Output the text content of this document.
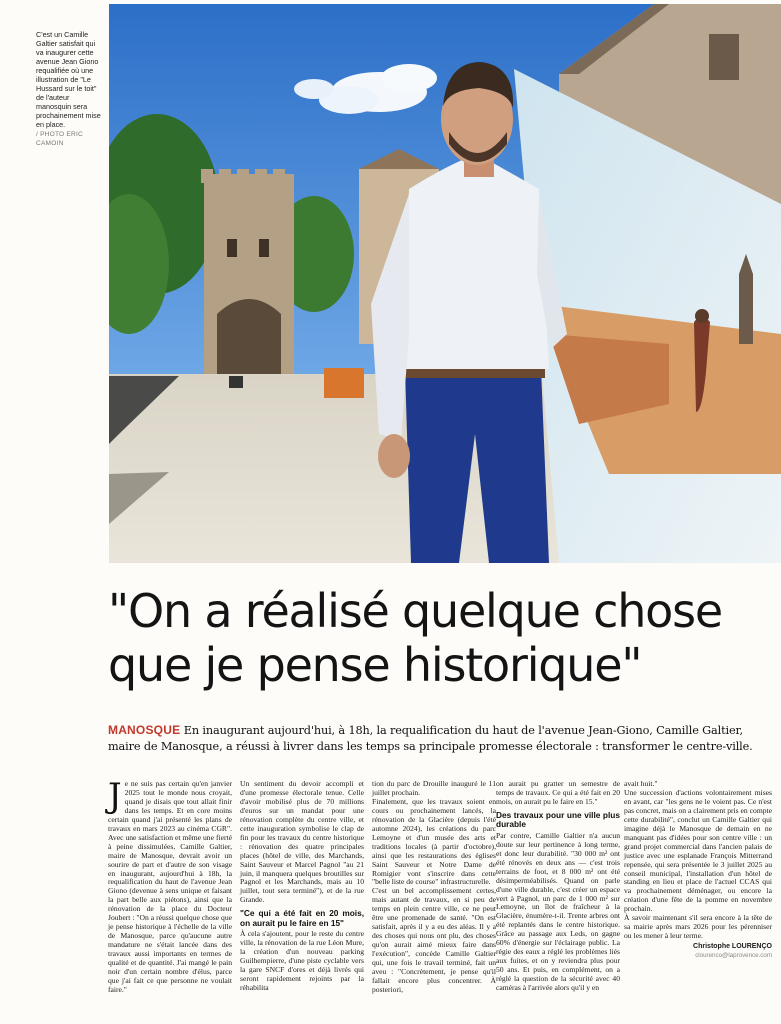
C'est un Camille Galtier satisfait qui va inaugurer cette avenue Jean Giono requalifiée où une illustration de "Le Hussard sur le toit" de l'auteur manosquin sera prochainement mise en place.
/ PHOTO ERIC CAMOIN
"On a réalisé quelque chose
que je pense historique"

MANOSQUE En inaugurant aujourd'hui, à 18h, la requalification du haut de l'avenue Jean-Giono, Camille Galtier, maire de Manosque, a réussi à livrer dans les temps sa principale promesse électorale : transformer le centre-ville.

J e ne suis pas certain qu'en janvier 2025 tout le monde nous croyait, quand je disais que tout allait finir dans les temps. Et en core moins certain quand j'ai présenté les plans de travaux en mars 2023 au cinéma CGR". Avec une satisfaction et même une fierté à peine dissimulées, Camille Galtier, maire de Manosque, devrait avoir un sourire de part et d'autre de son visage en inaugurant, aujourd'hui à 18h, la requalification du haut de l'avenue Jean Giono (devenue à sens unique et faisant la part belle aux piétons), ainsi que la rénovation de la place du Docteur Joubert : "On a réussi quelque chose que je pense historique à l'échelle de la ville de Manosque, parce qu'aucune autre mandature ne s'était lancée dans des travaux aussi importants en termes de qualité et de quantité. J'ai mangé le pain noir d'un certain nombre d'élus, parce que j'ai fait ce que personne ne voulait faire."

Un sentiment du devoir accompli et d'une promesse électorale tenue. Celle d'avoir mobilisé plus de 70 millions d'euros sur un mandat pour une rénovation complète du centre ville, et cette inauguration symbolise le clap de fin pour les travaux du centre historique : rénovation des quatre principales places (hôtel de ville, des Marchands, Saint Sauveur et Marcel Pagnol "au 21 juin, il manquera quelques broutilles sur Pagnol et les Marchands, mais au 10 juillet, tout sera terminé"), et de la rue Grande.

"Ce qui a été fait en 20 mois, on aurait pu le faire en 15"

À cela s'ajoutent, pour le reste du centre ville, la rénovation de la rue Léon Mure, la création d'un nouveau parking Guilhempierre, d'une piste cyclable vers la gare SNCF d'ores et déjà livrés qui seront rapidement rejoints par la réhabilita

tion du parc de Drouille inauguré le 11 juillet prochain.

Finalement, que les travaux soient en cours ou prochainement lancés, la rénovation de la Glacière (depuis l'été automne 2024), les créations du parc Lemoyne et d'un musée des arts et traditions locales (à partir d'octobre), ainsi que les restaurations des églises Saint Sauveur et Notre Dame de Romigier vont s'inscrire dans cette "belle liste de course" infrastructurelle.

C'est un bel accomplissement certes, mais autant de travaux, en si peu de temps en plein centre ville, ce ne peut être une promenade de santé. "On est satisfait, après il y a eu des aléas. Il y a des choses qui nous ont plu, des choses qu'on aurait aimé mieux faire dans l'exécution", concède Camille Galtier qui, une fois le travail terminé, fait un aveu : "Concrètement, je pense qu'il fallait encore plus concentrer. À posteriori,

on aurait pu gratter un semestre de temps de travaux. Ce qui a été fait en 20 mois, on aurait pu le faire en 15."

Des travaux pour une ville plus durable

Par contre, Camille Galtier n'a aucun doute sur leur pertinence à long terme, et donc leur durabilité. "30 000 m² ont été rénovés en deux ans — c'est trois terrains de foot, et 8 000 m² ont été désimperméabilisés. Quand on parle d'une ville durable, c'est créer un espace vert à Pagnol, un parc de 1 000 m² sur Lemoyne, un îlot de fraîcheur à la Glacière, énumère-t-il. Trente arbres ont été replantés dans le centre historique. Grâce au passage aux Leds, on gagne 60% d'énergie sur l'éclairage public. La régie des eaux a réglé les problèmes liés aux fuites, et on y reviendra plus pour 50 ans. Et puis, en complément, on a réglé la question de la sécurité avec 40 caméras à l'arrivée alors qu'il y en

avait huit."

Une succession d'actions volontairement mises en avant, car "les gens ne le voient pas. Ce n'est pas concret, mais on a clairement pris en compte cette durabilité", conclut un Camille Galtier qui imagine déjà le Manosque de demain en ne manquant pas d'idées pour son centre ville : un grand projet commercial dans l'ancien palais de justice avec une esplanade François Mitterrand repensée, qui sera présentée le 3 juillet 2025 au conseil municipal, l'installation d'un hôtel de standing en lieu et place de l'actuel CCAS qui va prochainement déménager, ou encore la création d'une fête de la pomme en novembre prochain.

À savoir maintenant s'il sera encore à la tête de sa mairie après mars 2026 pour les pérenniser ou les mener à leur terme.

Christophe LOURENÇO
clourenco@laprovence.com
